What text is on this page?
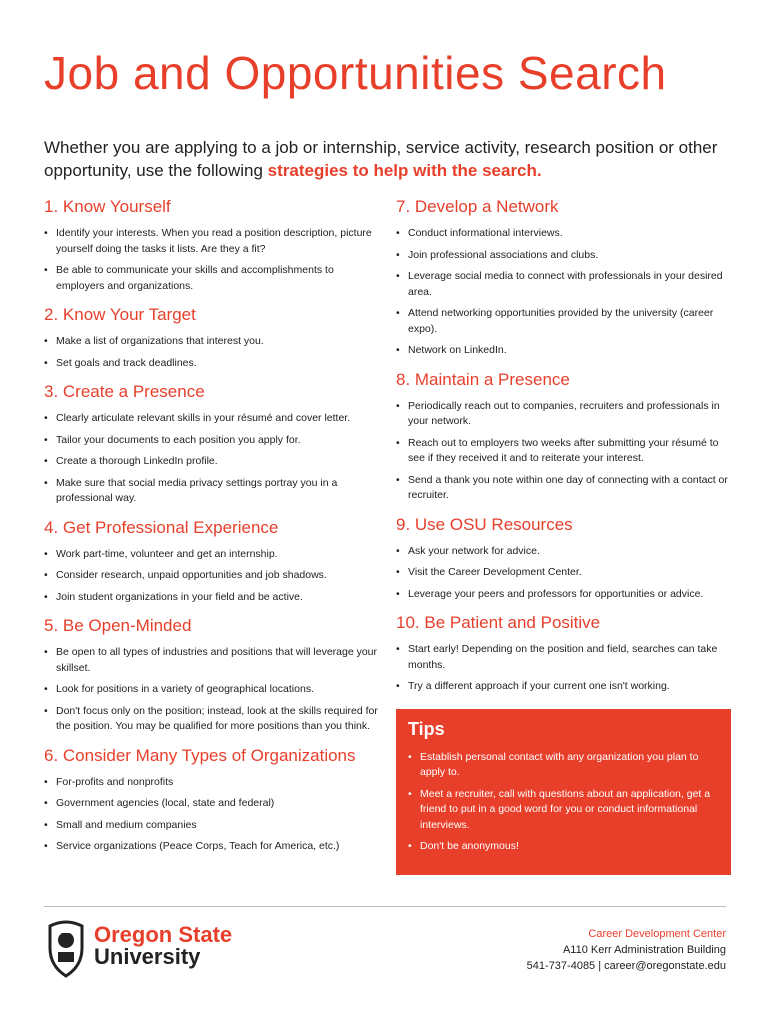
Job and Opportunities Search
Whether you are applying to a job or internship, service activity, research position or other opportunity, use the following strategies to help with the search.
1. Know Yourself
• Identify your interests. When you read a position description, picture yourself doing the tasks it lists. Are they a fit?
• Be able to communicate your skills and accomplishments to employers and organizations.
2. Know Your Target
• Make a list of organizations that interest you.
• Set goals and track deadlines.
3. Create a Presence
• Clearly articulate relevant skills in your résumé and cover letter.
• Tailor your documents to each position you apply for.
• Create a thorough LinkedIn profile.
• Make sure that social media privacy settings portray you in a professional way.
4. Get Professional Experience
• Work part-time, volunteer and get an internship.
• Consider research, unpaid opportunities and job shadows.
• Join student organizations in your field and be active.
5. Be Open-Minded
• Be open to all types of industries and positions that will leverage your skillset.
• Look for positions in a variety of geographical locations.
• Don't focus only on the position; instead, look at the skills required for the position. You may be qualified for more positions than you think.
6. Consider Many Types of Organizations
• For-profits and nonprofits
• Government agencies (local, state and federal)
• Small and medium companies
• Service organizations (Peace Corps, Teach for America, etc.)
7. Develop a Network
• Conduct informational interviews.
• Join professional associations and clubs.
• Leverage social media to connect with professionals in your desired area.
• Attend networking opportunities provided by the university (career expo).
• Network on LinkedIn.
8. Maintain a Presence
• Periodically reach out to companies, recruiters and professionals in your network.
• Reach out to employers two weeks after submitting your résumé to see if they received it and to reiterate your interest.
• Send a thank you note within one day of connecting with a contact or recruiter.
9. Use OSU Resources
• Ask your network for advice.
• Visit the Career Development Center.
• Leverage your peers and professors for opportunities or advice.
10. Be Patient and Positive
• Start early! Depending on the position and field, searches can take months.
• Try a different approach if your current one isn't working.
Tips
• Establish personal contact with any organization you plan to apply to.
• Meet a recruiter, call with questions about an application, get a friend to put in a good word for you or conduct informational interviews.
• Don't be anonymous!
Oregon State
University
Career Development Center
A110 Kerr Administration Building
541-737-4085 | career@oregonstate.edu
